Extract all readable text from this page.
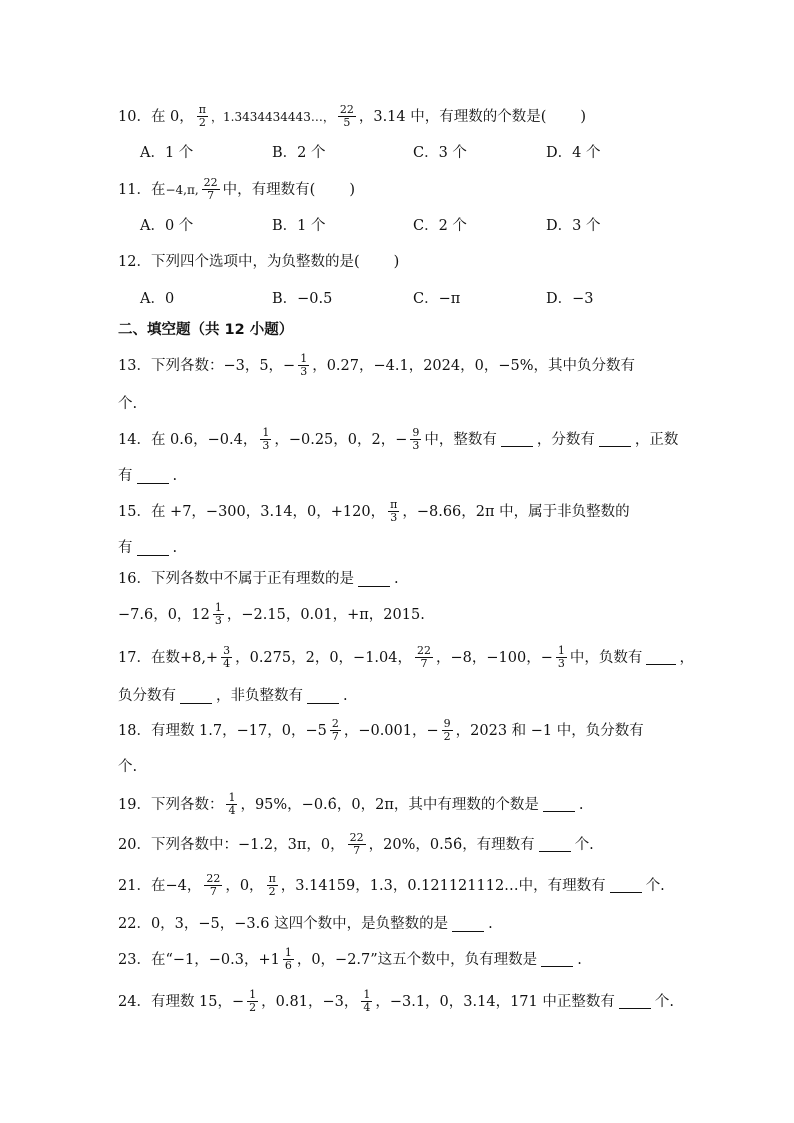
10． 在 0， $\frac{\pi}{2}$ ，1.3434434443…， $\frac{22}{5}$ ，3.14 中，有理数的个数是( )
A．1 个	B．2 个	C．3 个	D．4 个
11． 在 −4,π, $\frac{22}{7}$ 中，有理数有( )
A．0 个	B．1 个	C．2 个	D．3 个
12． 下列四个选项中，为负整数的是( )
A．0	B．−0.5	C．−π	D．−3
二、填空题（共 12 小题）
13． 下列各数：−3，5，− $\frac{1}{3}$ ，0.27，−4.1，2024，0，−5%，其中负分数有
个.
14． 在 0.6，−0.4， $\frac{1}{3}$ ，−0.25，0，2，− $\frac{9}{3}$ 中，整数有	，分数有	，正数
有	.
15． 在 +7，−300，3.14，0，+120， $\frac{\pi}{3}$ ，−8.66，2π 中，属于非负整数的
有	.
16． 下列各数中不属于正有理数的是	.
−7.6，0，$12 \frac{1}{3}$ ，−2.15，0.01，+π，2015.
17． 在数$+8,+ \frac{3}{4}$ ，0.275，2，0，−1.04， $\frac{22}{7}$ ，−8，−100，− $\frac{1}{3}$ 中，负数有	，
负分数有	，非负整数有	.
18． 有理数 1.7，−17，0，$-5 \frac{2}{7}$ ，−0.001，− $\frac{9}{2}$ ，2023 和 −1 中，负分数有
个.
19． 下列各数： $\frac{1}{4}$ ，95%，−0. 6̇ ，0，2π，其中有理数的个数是	.
20． 下列各数中：−1.2，3π，0， $\frac{22}{7}$ ，20%，0. 5̇6̇ ，有理数有	个.
21． 在−4， $\frac{22}{7}$ ，0， $\frac{\pi}{2}$ ，3.14159，1.3，0.121121112…中，有理数有	个.
22． 0，3，−5，−3.6 这四个数中，是负整数的是	.
23． 在“−1，−0.3，$+1 \frac{1}{6}$ ，0，−2.7”这五个数中，负有理数是	.
24． 有理数 15，− $\frac{1}{2}$ ，0.81，−3， $\frac{1}{4}$ ，−3.1，0，3.14，171 中正整数有	个.
